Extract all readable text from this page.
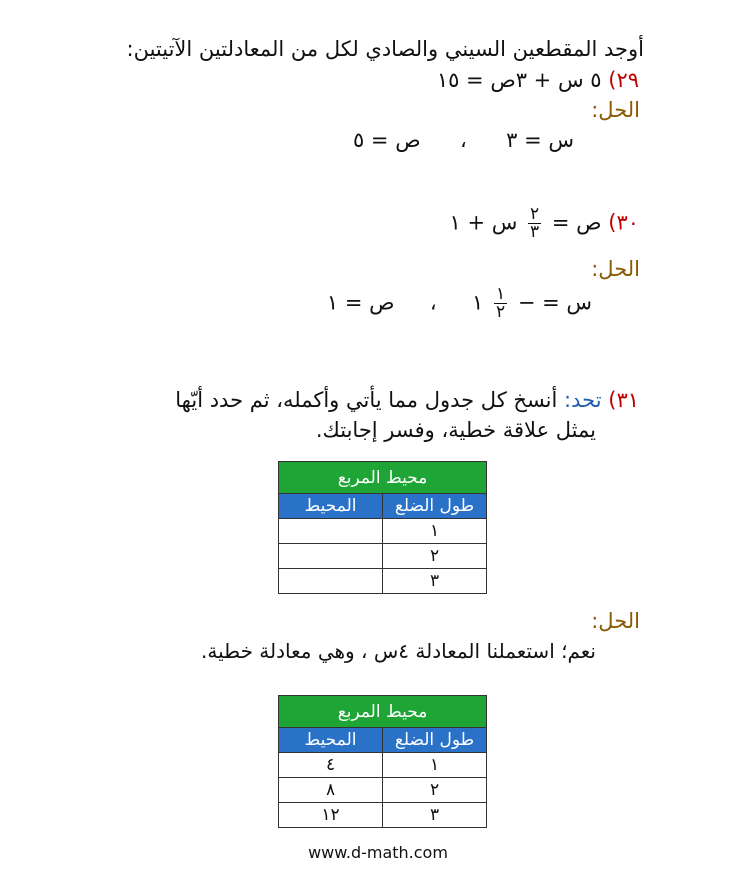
أوجد المقطعين السيني والصادي لكل من المعادلتين الآتيتين:
٢٩) ٥ س + ٣ص = ١٥
الحل:
س = ٣  ،  ص = ٥
٣٠) ص =
$\frac{٢}{٣}$
س + ١
الحل:
س = −
$\frac{١}{٢}$
١  ،  ص = ١
٣١) تحد: أنسخ كل جدول مما يأتي وأكمله، ثم حدد أيّها
يمثل علاقة خطية، وفسر إجابتك.
محيط المربع	
طول الضلع	المحيط
١	
٢	
٣	
الحل:
نعم؛ استعملنا المعادلة ٤س ، وهي معادلة خطية.
محيط المربع	
طول الضلع	المحيط
١	٤
٢	٨
٣	١٢
www.d-math.com
